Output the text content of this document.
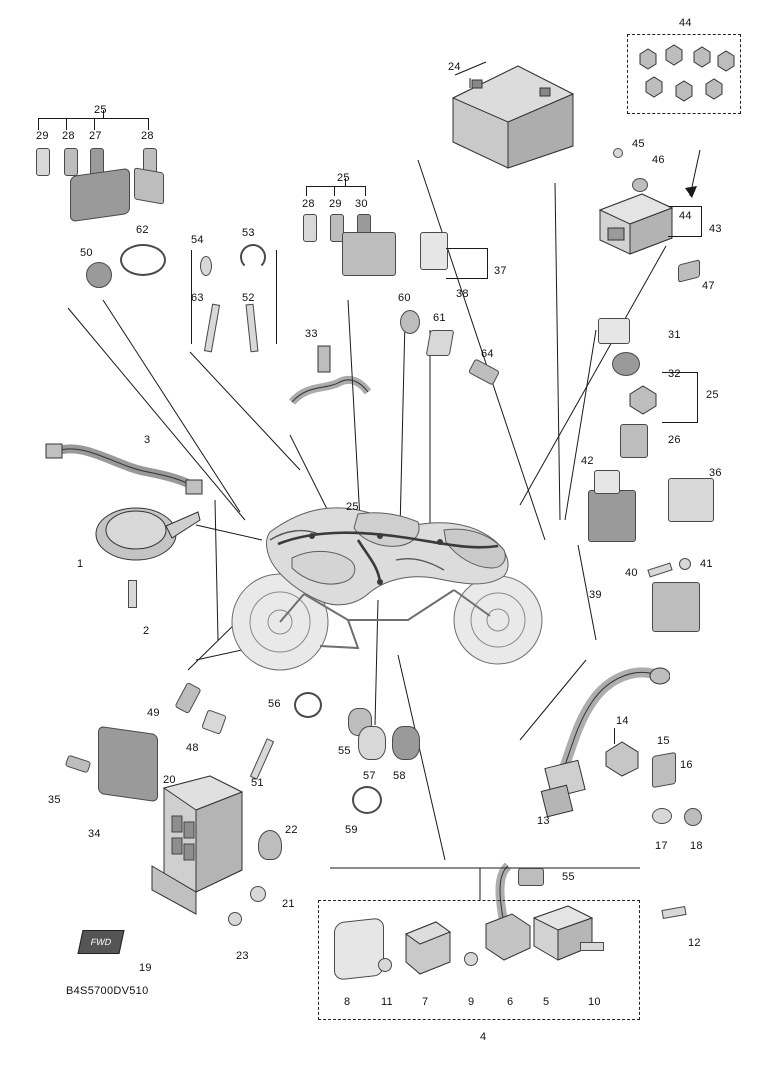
FWD
44
24
45
46
25
29 28 27	28
44
43
47
25
28 29 30
62
54
53
50
37
38
60
61
63	52
33
64
31
32
25
26
36
42
3
1
2
25
41
40
39
14
15
16
13
17 18
49
48
51
56
55
57 58
59
35
34
20
22
21
19
23
55
12
8	11	7	9	6	5	10
4
B4S5700DV510
